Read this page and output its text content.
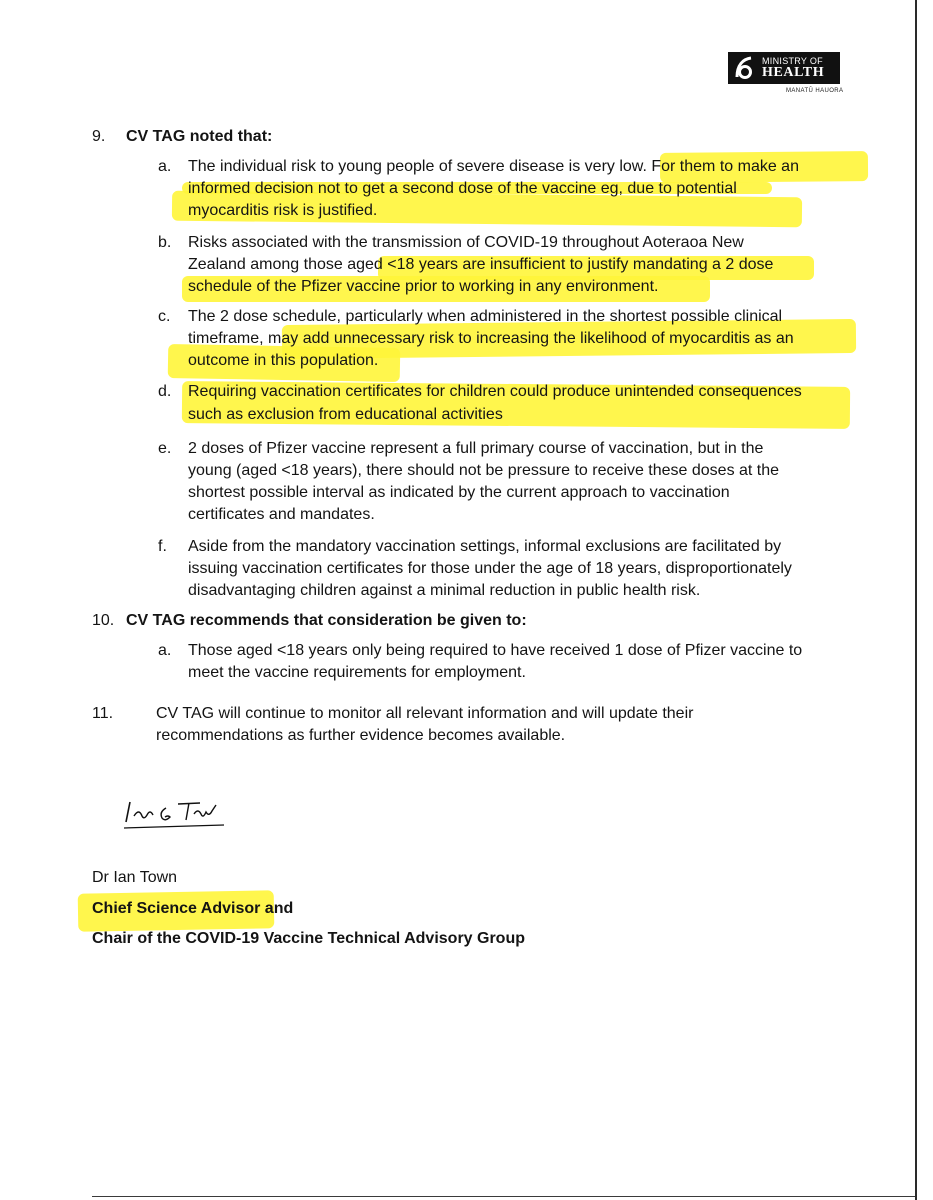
MINISTRY OF
HEALTH
MANATŪ HAUORA
9. CV TAG noted that:
a. The individual risk to young people of severe disease is very low. For them to make an
informed decision not to get a second dose of the vaccine eg, due to potential
myocarditis risk is justified.
b. Risks associated with the transmission of COVID-19 throughout Aoteraoa New
Zealand among those aged <18 years are insufficient to justify mandating a 2 dose
schedule of the Pfizer vaccine prior to working in any environment.
c. The 2 dose schedule, particularly when administered in the shortest possible clinical
timeframe, may add unnecessary risk to increasing the likelihood of myocarditis as an
outcome in this population.
d. Requiring vaccination certificates for children could produce unintended consequences
such as exclusion from educational activities
e. 2 doses of Pfizer vaccine represent a full primary course of vaccination, but in the
young (aged <18 years), there should not be pressure to receive these doses at the
shortest possible interval as indicated by the current approach to vaccination
certificates and mandates.
f. Aside from the mandatory vaccination settings, informal exclusions are facilitated by
issuing vaccination certificates for those under the age of 18 years, disproportionately
disadvantaging children against a minimal reduction in public health risk.
10. CV TAG recommends that consideration be given to:
a. Those aged <18 years only being required to have received 1 dose of Pfizer vaccine to
meet the vaccine requirements for employment.
11.	CV TAG will continue to monitor all relevant information and will update their
recommendations as further evidence becomes available.
Dr Ian Town
Chief Science Advisor and
Chair of the COVID-19 Vaccine Technical Advisory Group
